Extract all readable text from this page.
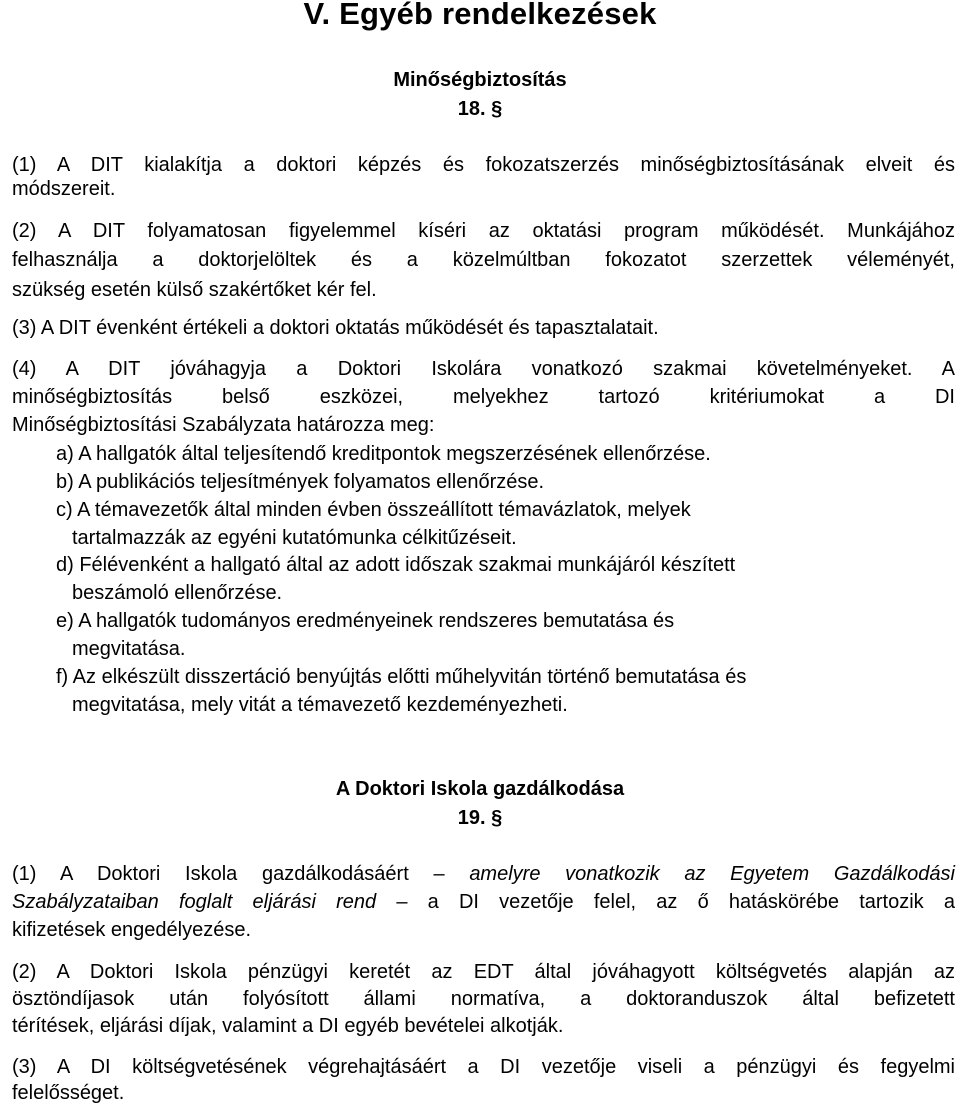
V. Egyéb rendelkezések
Minőségbiztosítás
18. §
(1) A DIT kialakítja a doktori képzés és fokozatszerzés minőségbiztosításának elveit és
módszereit.
(2) A DIT folyamatosan figyelemmel kíséri az oktatási program működését. Munkájához
felhasználja a doktorjelöltek és a közelmúltban fokozatot szerzettek véleményét,
szükség esetén külső szakértőket kér fel.
(3) A DIT évenként értékeli a doktori oktatás működését és tapasztalatait.
(4) A DIT jóváhagyja a Doktori Iskolára vonatkozó szakmai követelményeket. A
minőségbiztosítás belső eszközei, melyekhez tartozó kritériumokat a DI
Minőségbiztosítási Szabályzata határozza meg:
a) A hallgatók által teljesítendő kreditpontok megszerzésének ellenőrzése.
b) A publikációs teljesítmények folyamatos ellenőrzése.
c) A témavezetők által minden évben összeállított témavázlatok, melyek
tartalmazzák az egyéni kutatómunka célkitűzéseit.
d) Félévenként a hallgató által az adott időszak szakmai munkájáról készített
beszámoló ellenőrzése.
e) A hallgatók tudományos eredményeinek rendszeres bemutatása és
megvitatása.
f) Az elkészült disszertáció benyújtás előtti műhelyvitán történő bemutatása és
megvitatása, mely vitát a témavezető kezdeményezheti.
A Doktori Iskola gazdálkodása
19. §
(1) A Doktori Iskola gazdálkodásáért – amelyre vonatkozik az Egyetem Gazdálkodási
Szabályzataiban foglalt eljárási rend – a DI vezetője felel, az ő hatáskörébe tartozik a
kifizetések engedélyezése.
(2) A Doktori Iskola pénzügyi keretét az EDT által jóváhagyott költségvetés alapján az
ösztöndíjasok után folyósított állami normatíva, a doktoranduszok által befizetett
térítések, eljárási díjak, valamint a DI egyéb bevételei alkotják.
(3) A DI költségvetésének végrehajtásáért a DI vezetője viseli a pénzügyi és fegyelmi
felelősséget.
